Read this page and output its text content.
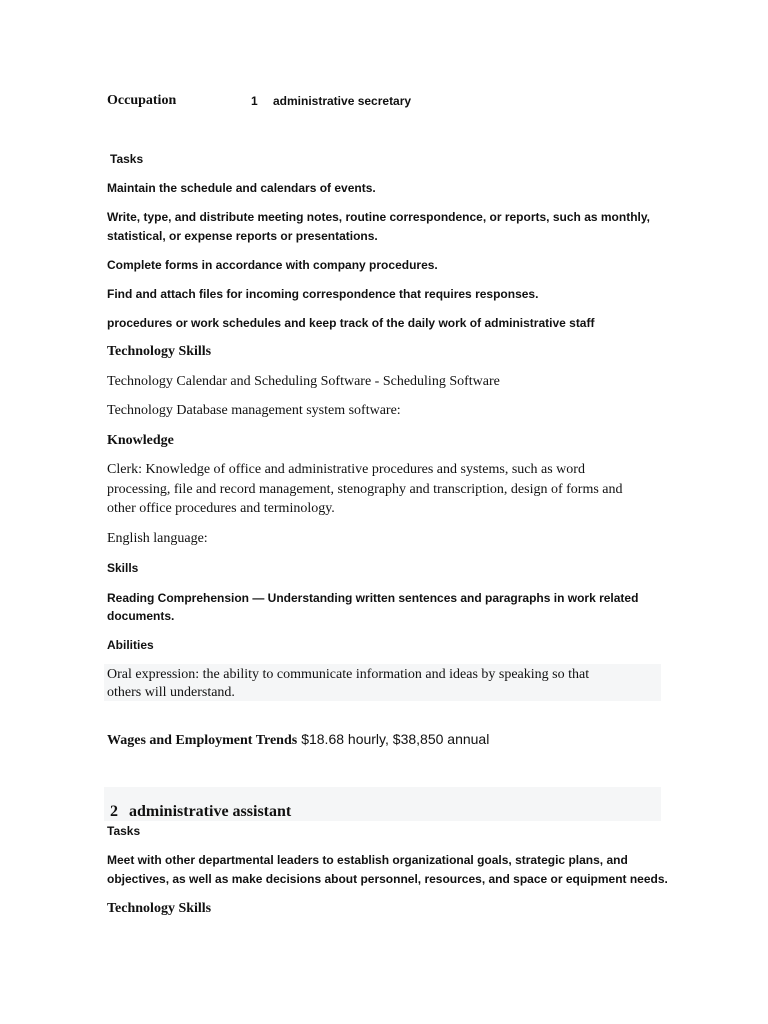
Occupation	1 administrative secretary
Tasks
Maintain the schedule and calendars of events.
Write, type, and distribute meeting notes, routine correspondence, or reports, such as monthly,
statistical, or expense reports or presentations.
Complete forms in accordance with company procedures.
Find and attach files for incoming correspondence that requires responses.
procedures or work schedules and keep track of the daily work of administrative staff
Technology Skills
Technology Calendar and Scheduling Software - Scheduling Software
Technology Database management system software:
Knowledge
Clerk: Knowledge of office and administrative procedures and systems, such as word
processing, file and record management, stenography and transcription, design of forms and
other office procedures and terminology.
English language:
Skills
Reading Comprehension — Understanding written sentences and paragraphs in work related
documents.
Abilities
Oral expression: the ability to communicate information and ideas by speaking so that
others will understand.
Wages and Employment Trends $18.68 hourly, $38,850 annual
2 administrative assistant
Tasks
Meet with other departmental leaders to establish organizational goals, strategic plans, and
objectives, as well as make decisions about personnel, resources, and space or equipment needs.
Technology Skills
